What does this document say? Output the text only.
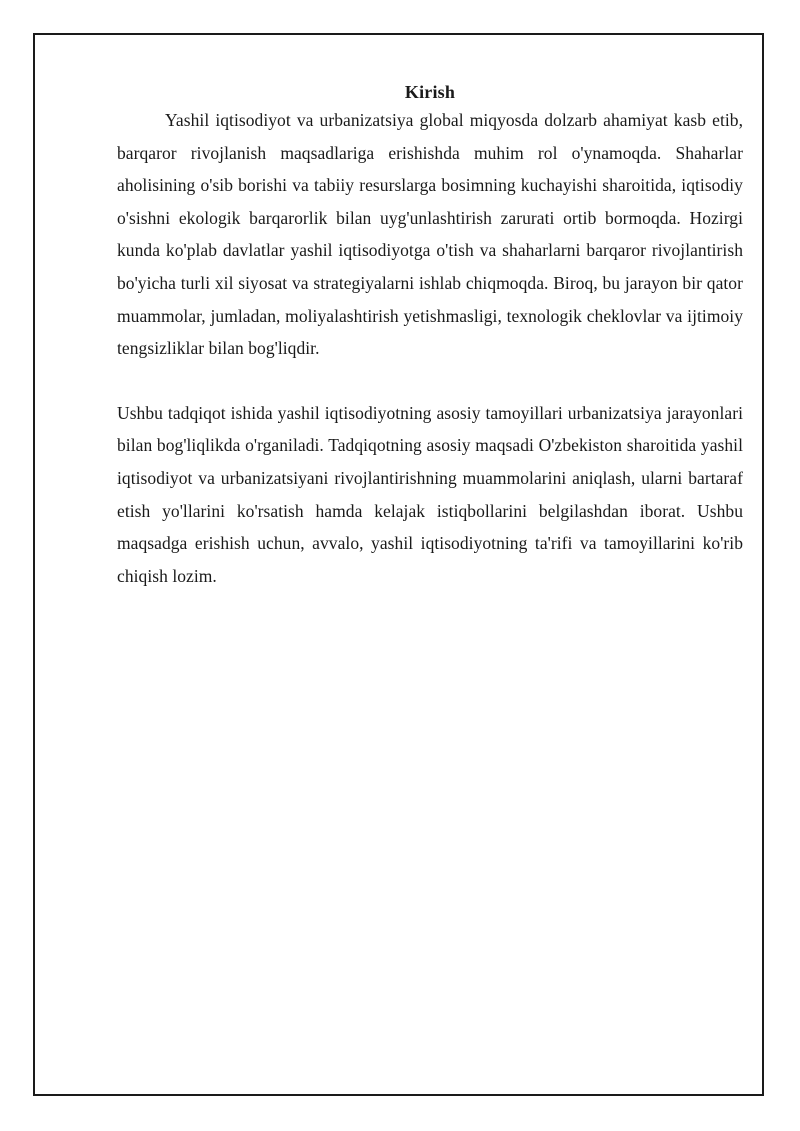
Kirish

Yashil iqtisodiyot va urbanizatsiya global miqyosda dolzarb ahamiyat kasb etib, barqaror rivojlanish maqsadlariga erishishda muhim rol o'ynamoqda. Shaharlar aholisining o'sib borishi va tabiiy resurslarga bosimning kuchayishi sharoitida, iqtisodiy o'sishni ekologik barqarorlik bilan uyg'unlashtirish zarurati ortib bormoqda. Hozirgi kunda ko'plab davlatlar yashil iqtisodiyotga o'tish va shaharlarni barqaror rivojlantirish bo'yicha turli xil siyosat va strategiyalarni ishlab chiqmoqda. Biroq, bu jarayon bir qator muammolar, jumladan, moliyalashtirish yetishmasligi, texnologik cheklovlar va ijtimoiy tengsizliklar bilan bog'liqdir.

Ushbu tadqiqot ishida yashil iqtisodiyotning asosiy tamoyillari urbanizatsiya jarayonlari bilan bog'liqlikda o'rganiladi. Tadqiqotning asosiy maqsadi O'zbekiston sharoitida yashil iqtisodiyot va urbanizatsiyani rivojlantirishning muammolarini aniqlash, ularni bartaraf etish yo'llarini ko'rsatish hamda kelajak istiqbollarini belgilashdan iborat. Ushbu maqsadga erishish uchun, avvalo, yashil iqtisodiyotning ta'rifi va tamoyillarini ko'rib chiqish lozim.
